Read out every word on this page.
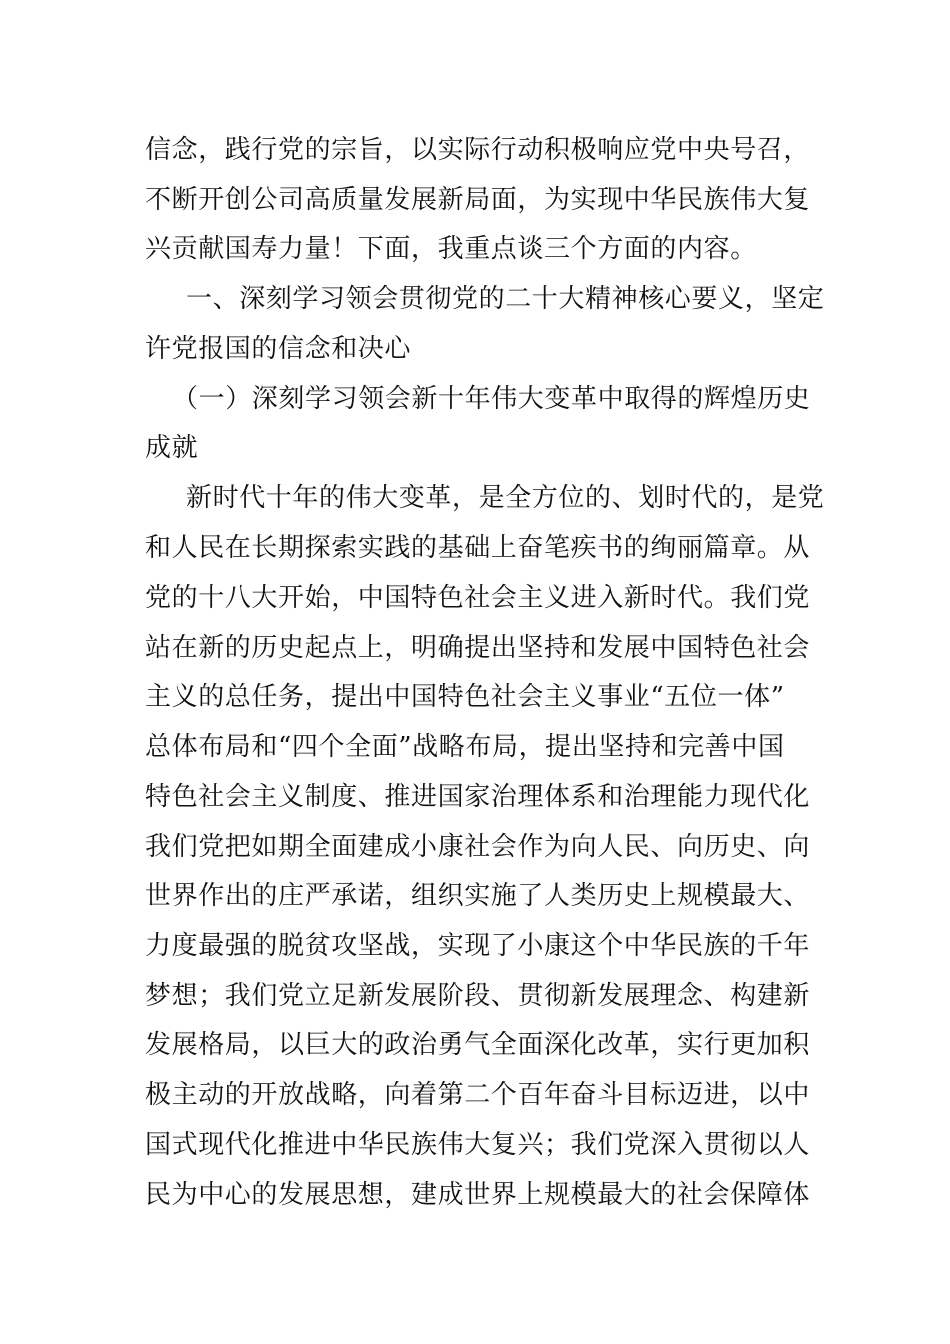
信念，践行党的宗旨，以实际行动积极响应党中央号召，
不断开创公司高质量发展新局面，为实现中华民族伟大复
兴贡献国寿力量！下面，我重点谈三个方面的内容。
一、深刻学习领会贯彻党的二十大精神核心要义，坚定
许党报国的信念和决心
（一）深刻学习领会新十年伟大变革中取得的辉煌历史
成就
新时代十年的伟大变革，是全方位的、划时代的，是党
和人民在长期探索实践的基础上奋笔疾书的绚丽篇章。从
党的十八大开始，中国特色社会主义进入新时代。我们党
站在新的历史起点上，明确提出坚持和发展中国特色社会
主义的总任务，提出中国特色社会主义事业“五位一体”
总体布局和“四个全面”战略布局，提出坚持和完善中国
特色社会主义制度、推进国家治理体系和治理能力现代化
我们党把如期全面建成小康社会作为向人民、向历史、向
世界作出的庄严承诺，组织实施了人类历史上规模最大、
力度最强的脱贫攻坚战，实现了小康这个中华民族的千年
梦想；我们党立足新发展阶段、贯彻新发展理念、构建新
发展格局，以巨大的政治勇气全面深化改革，实行更加积
极主动的开放战略，向着第二个百年奋斗目标迈进，以中
国式现代化推进中华民族伟大复兴；我们党深入贯彻以人
民为中心的发展思想，建成世界上规模最大的社会保障体
